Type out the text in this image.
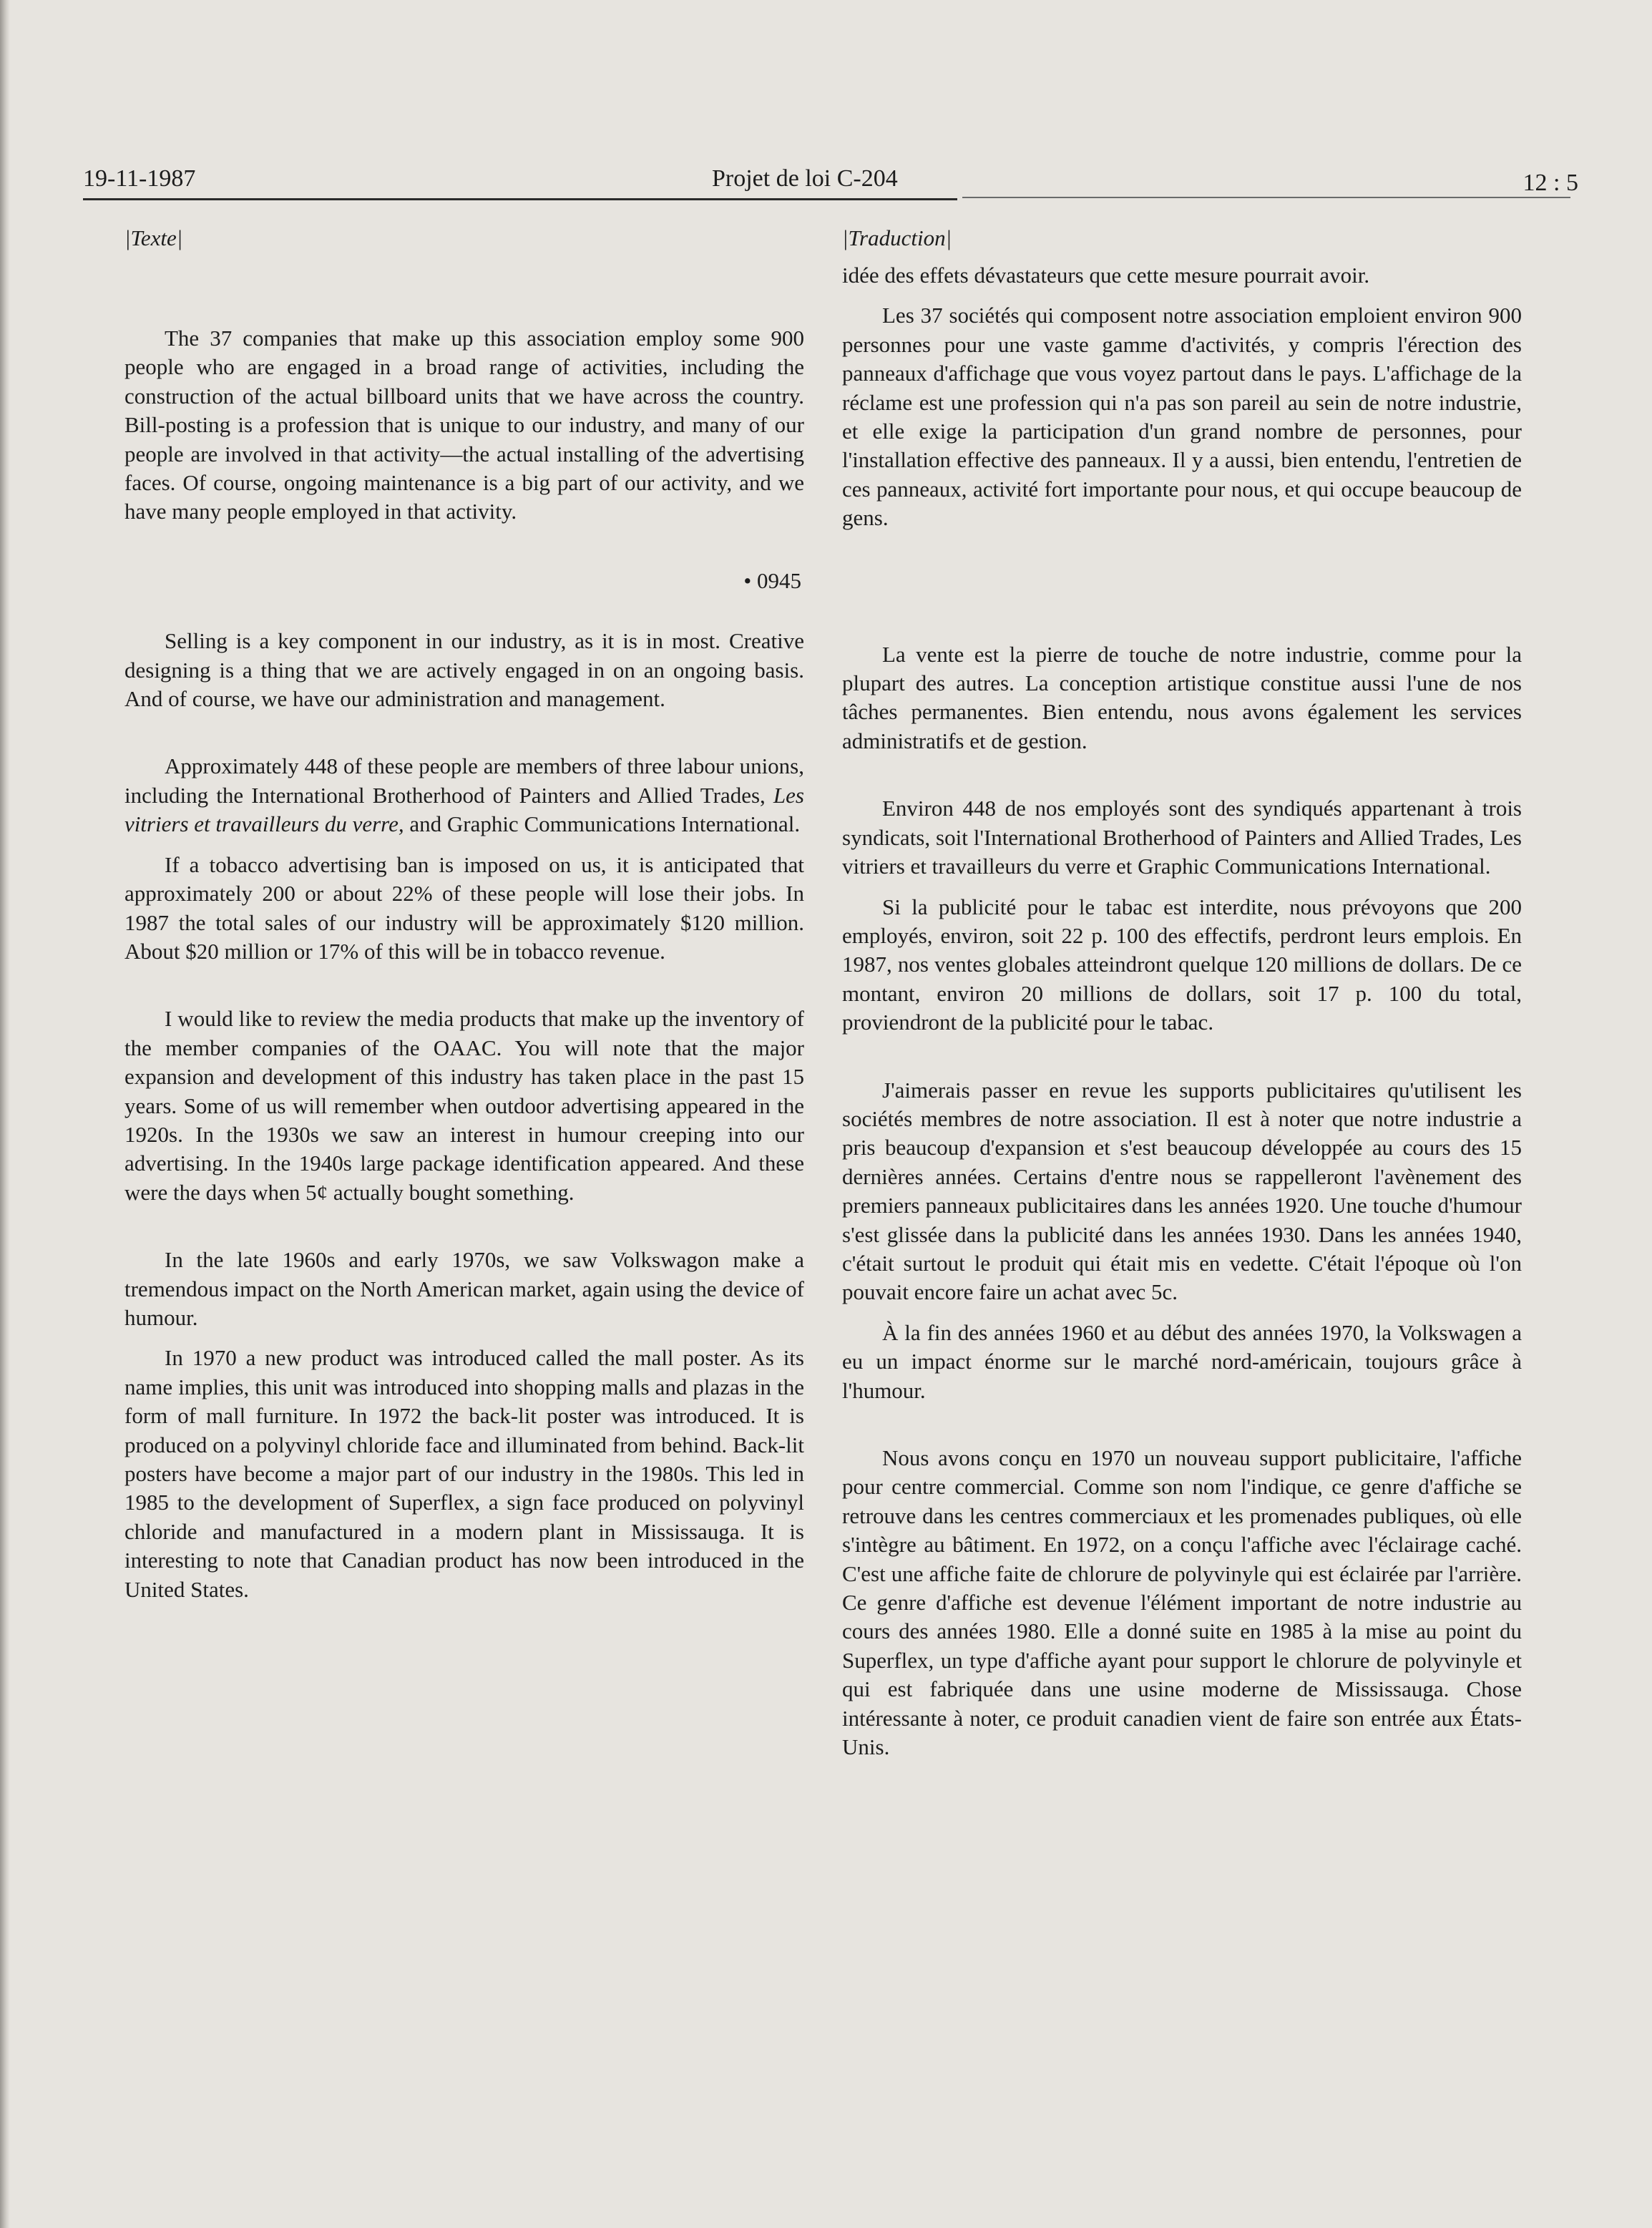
19-11-1987	Projet de loi C-204	12 : 5
|Texte|

The 37 companies that make up this association employ some 900 people who are engaged in a broad range of activities, including the construction of the actual billboard units that we have across the country. Bill-posting is a profession that is unique to our industry, and many of our people are involved in that activity—the actual installing of the advertising faces. Of course, ongoing maintenance is a big part of our activity, and we have many people employed in that activity.

• 0945

Selling is a key component in our industry, as it is in most. Creative designing is a thing that we are actively engaged in on an ongoing basis. And of course, we have our administration and management.

Approximately 448 of these people are members of three labour unions, including the International Brotherhood of Painters and Allied Trades, Les vitriers et travailleurs du verre, and Graphic Communications International.

If a tobacco advertising ban is imposed on us, it is anticipated that approximately 200 or about 22% of these people will lose their jobs. In 1987 the total sales of our industry will be approximately $120 million. About $20 million or 17% of this will be in tobacco revenue.

I would like to review the media products that make up the inventory of the member companies of the OAAC. You will note that the major expansion and development of this industry has taken place in the past 15 years. Some of us will remember when outdoor advertising appeared in the 1920s. In the 1930s we saw an interest in humour creeping into our advertising. In the 1940s large package identification appeared. And these were the days when 5¢ actually bought something.

In the late 1960s and early 1970s, we saw Volkswagon make a tremendous impact on the North American market, again using the device of humour.

In 1970 a new product was introduced called the mall poster. As its name implies, this unit was introduced into shopping malls and plazas in the form of mall furniture. In 1972 the back-lit poster was introduced. It is produced on a polyvinyl chloride face and illuminated from behind. Back-lit posters have become a major part of our industry in the 1980s. This led in 1985 to the development of Superflex, a sign face produced on polyvinyl chloride and manufactured in a modern plant in Mississauga. It is interesting to note that Canadian product has now been introduced in the United States.

|Traduction|

idée des effets dévastateurs que cette mesure pourrait avoir.

Les 37 sociétés qui composent notre association emploient environ 900 personnes pour une vaste gamme d'activités, y compris l'érection des panneaux d'affichage que vous voyez partout dans le pays. L'affichage de la réclame est une profession qui n'a pas son pareil au sein de notre industrie, et elle exige la participation d'un grand nombre de personnes, pour l'installation effective des panneaux. Il y a aussi, bien entendu, l'entretien de ces panneaux, activité fort importante pour nous, et qui occupe beaucoup de gens.

La vente est la pierre de touche de notre industrie, comme pour la plupart des autres. La conception artistique constitue aussi l'une de nos tâches permanentes. Bien entendu, nous avons également les services administratifs et de gestion.

Environ 448 de nos employés sont des syndiqués appartenant à trois syndicats, soit l'International Brotherhood of Painters and Allied Trades, Les vitriers et travailleurs du verre et Graphic Communications International.

Si la publicité pour le tabac est interdite, nous prévoyons que 200 employés, environ, soit 22 p. 100 des effectifs, perdront leurs emplois. En 1987, nos ventes globales atteindront quelque 120 millions de dollars. De ce montant, environ 20 millions de dollars, soit 17 p. 100 du total, proviendront de la publicité pour le tabac.

J'aimerais passer en revue les supports publicitaires qu'utilisent les sociétés membres de notre association. Il est à noter que notre industrie a pris beaucoup d'expansion et s'est beaucoup développée au cours des 15 dernières années. Certains d'entre nous se rappelleront l'avènement des premiers panneaux publicitaires dans les années 1920. Une touche d'humour s'est glissée dans la publicité dans les années 1930. Dans les années 1940, c'était surtout le produit qui était mis en vedette. C'était l'époque où l'on pouvait encore faire un achat avec 5c.

À la fin des années 1960 et au début des années 1970, la Volkswagen a eu un impact énorme sur le marché nord-américain, toujours grâce à l'humour.

Nous avons conçu en 1970 un nouveau support publicitaire, l'affiche pour centre commercial. Comme son nom l'indique, ce genre d'affiche se retrouve dans les centres commerciaux et les promenades publiques, où elle s'intègre au bâtiment. En 1972, on a conçu l'affiche avec l'éclairage caché. C'est une affiche faite de chlorure de polyvinyle qui est éclairée par l'arrière. Ce genre d'affiche est devenue l'élément important de notre industrie au cours des années 1980. Elle a donné suite en 1985 à la mise au point du Superflex, un type d'affiche ayant pour support le chlorure de polyvinyle et qui est fabriquée dans une usine moderne de Mississauga. Chose intéressante à noter, ce produit canadien vient de faire son entrée aux États-Unis.
